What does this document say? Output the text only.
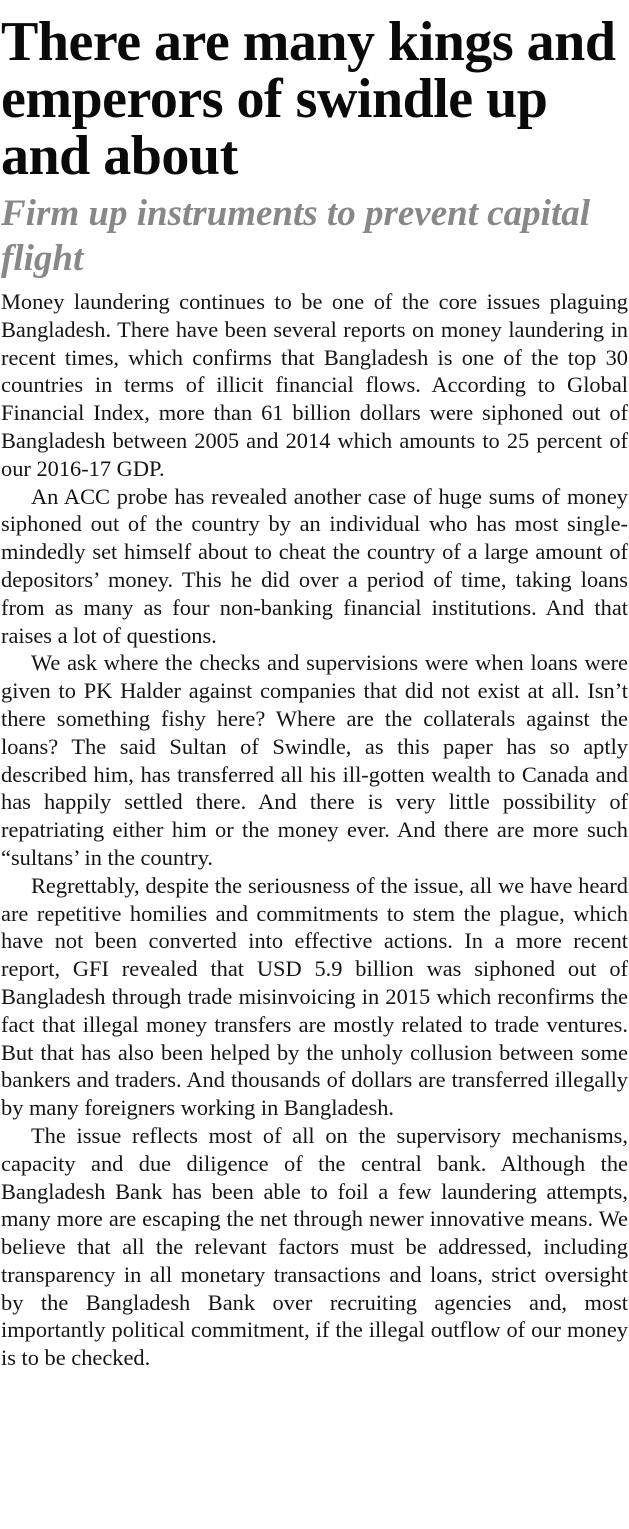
There are many kings and emperors of swindle up and about
Firm up instruments to prevent capital flight

Money laundering continues to be one of the core issues plaguing Bangladesh. There have been several reports on money laundering in recent times, which confirms that Bangladesh is one of the top 30 countries in terms of illicit financial flows. According to Global Financial Index, more than 61 billion dollars were siphoned out of Bangladesh between 2005 and 2014 which amounts to 25 percent of our 2016-17 GDP.

An ACC probe has revealed another case of huge sums of money siphoned out of the country by an individual who has most single-mindedly set himself about to cheat the country of a large amount of depositors’ money. This he did over a period of time, taking loans from as many as four non-banking financial institutions. And that raises a lot of questions.

We ask where the checks and supervisions were when loans were given to PK Halder against companies that did not exist at all. Isn’t there something fishy here? Where are the collaterals against the loans? The said Sultan of Swindle, as this paper has so aptly described him, has transferred all his ill-gotten wealth to Canada and has happily settled there. And there is very little possibility of repatriating either him or the money ever. And there are more such “sultans’ in the country.

Regrettably, despite the seriousness of the issue, all we have heard are repetitive homilies and commitments to stem the plague, which have not been converted into effective actions. In a more recent report, GFI revealed that USD 5.9 billion was siphoned out of Bangladesh through trade misinvoicing in 2015 which reconfirms the fact that illegal money transfers are mostly related to trade ventures. But that has also been helped by the unholy collusion between some bankers and traders. And thousands of dollars are transferred illegally by many foreigners working in Bangladesh.

The issue reflects most of all on the supervisory mechanisms, capacity and due diligence of the central bank. Although the Bangladesh Bank has been able to foil a few laundering attempts, many more are escaping the net through newer innovative means. We believe that all the relevant factors must be addressed, including transparency in all monetary transactions and loans, strict oversight by the Bangladesh Bank over recruiting agencies and, most importantly political commitment, if the illegal outflow of our money is to be checked.
